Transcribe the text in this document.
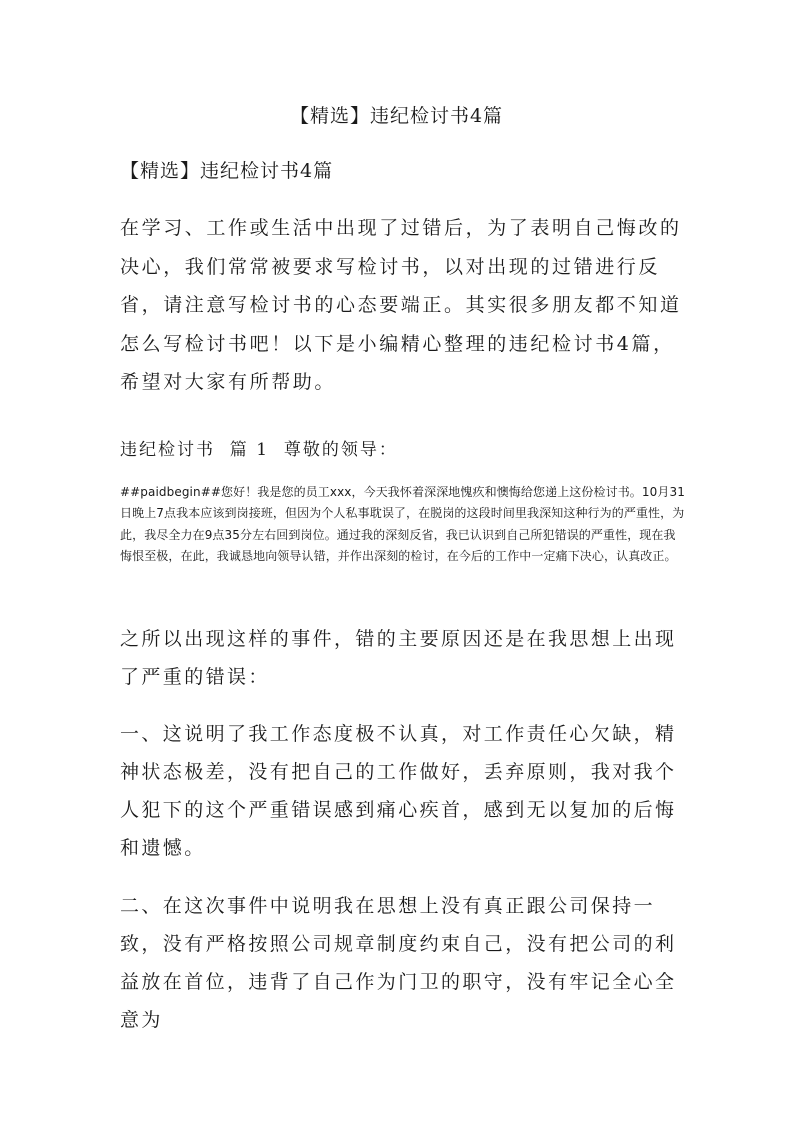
【精选】违纪检讨书4篇

【精选】违纪检讨书4篇

在学习、工作或生活中出现了过错后，为了表明自己悔改的决心，我们常常被要求写检讨书，以对出现的过错进行反省，请注意写检讨书的心态要端正。其实很多朋友都不知道怎么写检讨书吧！以下是小编精心整理的违纪检讨书4篇，希望对大家有所帮助。

违纪检讨书  篇 1  尊敬的领导：

##paidbegin##您好！我是您的员工xxx，今天我怀着深深地愧疚和懊悔给您递上这份检讨书。10月31日晚上7点我本应该到岗接班，但因为个人私事耽误了，在脱岗的这段时间里我深知这种行为的严重性，为此，我尽全力在9点35分左右回到岗位。通过我的深刻反省，我已认识到自己所犯错误的严重性，现在我悔恨至极，在此，我诚恳地向领导认错，并作出深刻的检讨，在今后的工作中一定痛下决心，认真改正。

之所以出现这样的事件，错的主要原因还是在我思想上出现了严重的错误：

一、这说明了我工作态度极不认真，对工作责任心欠缺，精神状态极差，没有把自己的工作做好，丢弃原则，我对我个人犯下的这个严重错误感到痛心疾首，感到无以复加的后悔和遗憾。

二、在这次事件中说明我在思想上没有真正跟公司保持一致，没有严格按照公司规章制度约束自己，没有把公司的利益放在首位，违背了自己作为门卫的职守，没有牢记全心全意为
